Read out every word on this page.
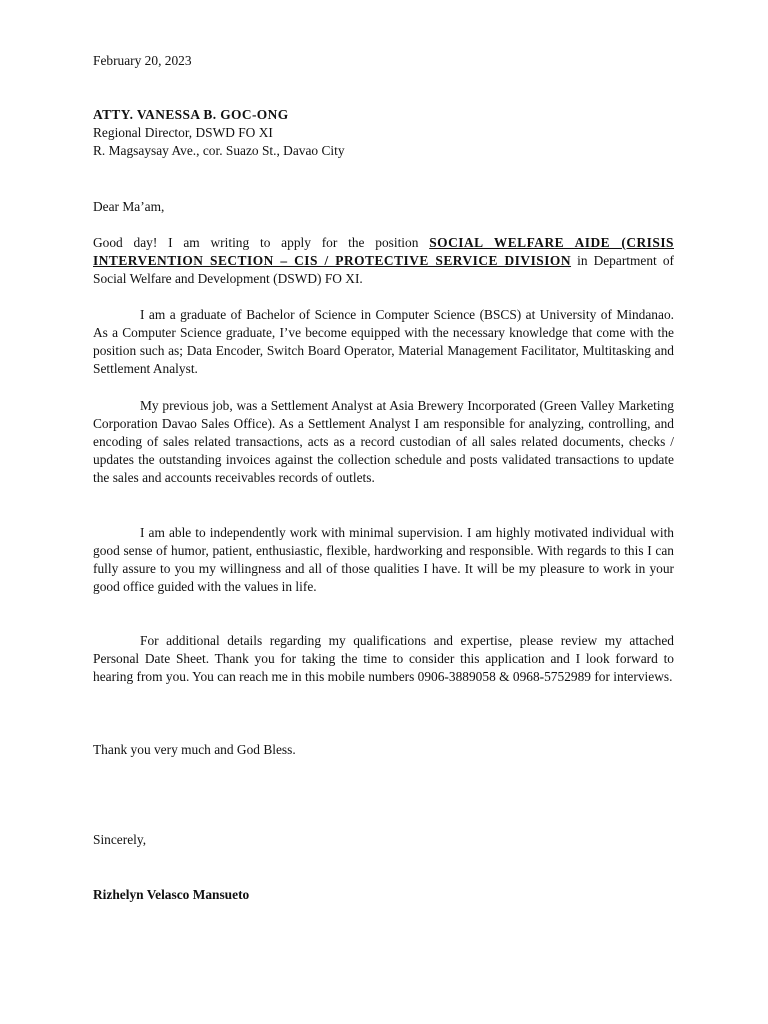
February 20, 2023
ATTY. VANESSA B. GOC-ONG
Regional Director, DSWD FO XI
R. Magsaysay Ave., cor. Suazo St., Davao City
Dear Ma’am,
Good day! I am writing to apply for the position SOCIAL WELFARE AIDE (CRISIS INTERVENTION SECTION – CIS / PROTECTIVE SERVICE DIVISION in Department of Social Welfare and Development (DSWD) FO XI.
I am a graduate of Bachelor of Science in Computer Science (BSCS) at University of Mindanao. As a Computer Science graduate, I’ve become equipped with the necessary knowledge that come with the position such as; Data Encoder, Switch Board Operator, Material Management Facilitator, Multitasking and Settlement Analyst.
My previous job, was a Settlement Analyst at Asia Brewery Incorporated (Green Valley Marketing Corporation Davao Sales Office). As a Settlement Analyst I am responsible for analyzing, controlling, and encoding of sales related transactions, acts as a record custodian of all sales related documents, checks / updates the outstanding invoices against the collection schedule and posts validated transactions to update the sales and accounts receivables records of outlets.
I am able to independently work with minimal supervision. I am highly motivated individual with good sense of humor, patient, enthusiastic, flexible, hardworking and responsible. With regards to this I can fully assure to you my willingness and all of those qualities I have. It will be my pleasure to work in your good office guided with the values in life.
For additional details regarding my qualifications and expertise, please review my attached Personal Date Sheet. Thank you for taking the time to consider this application and I look forward to hearing from you. You can reach me in this mobile numbers 0906-3889058 & 0968-5752989 for interviews.
Thank you very much and God Bless.
Sincerely,
Rizhelyn Velasco Mansueto
